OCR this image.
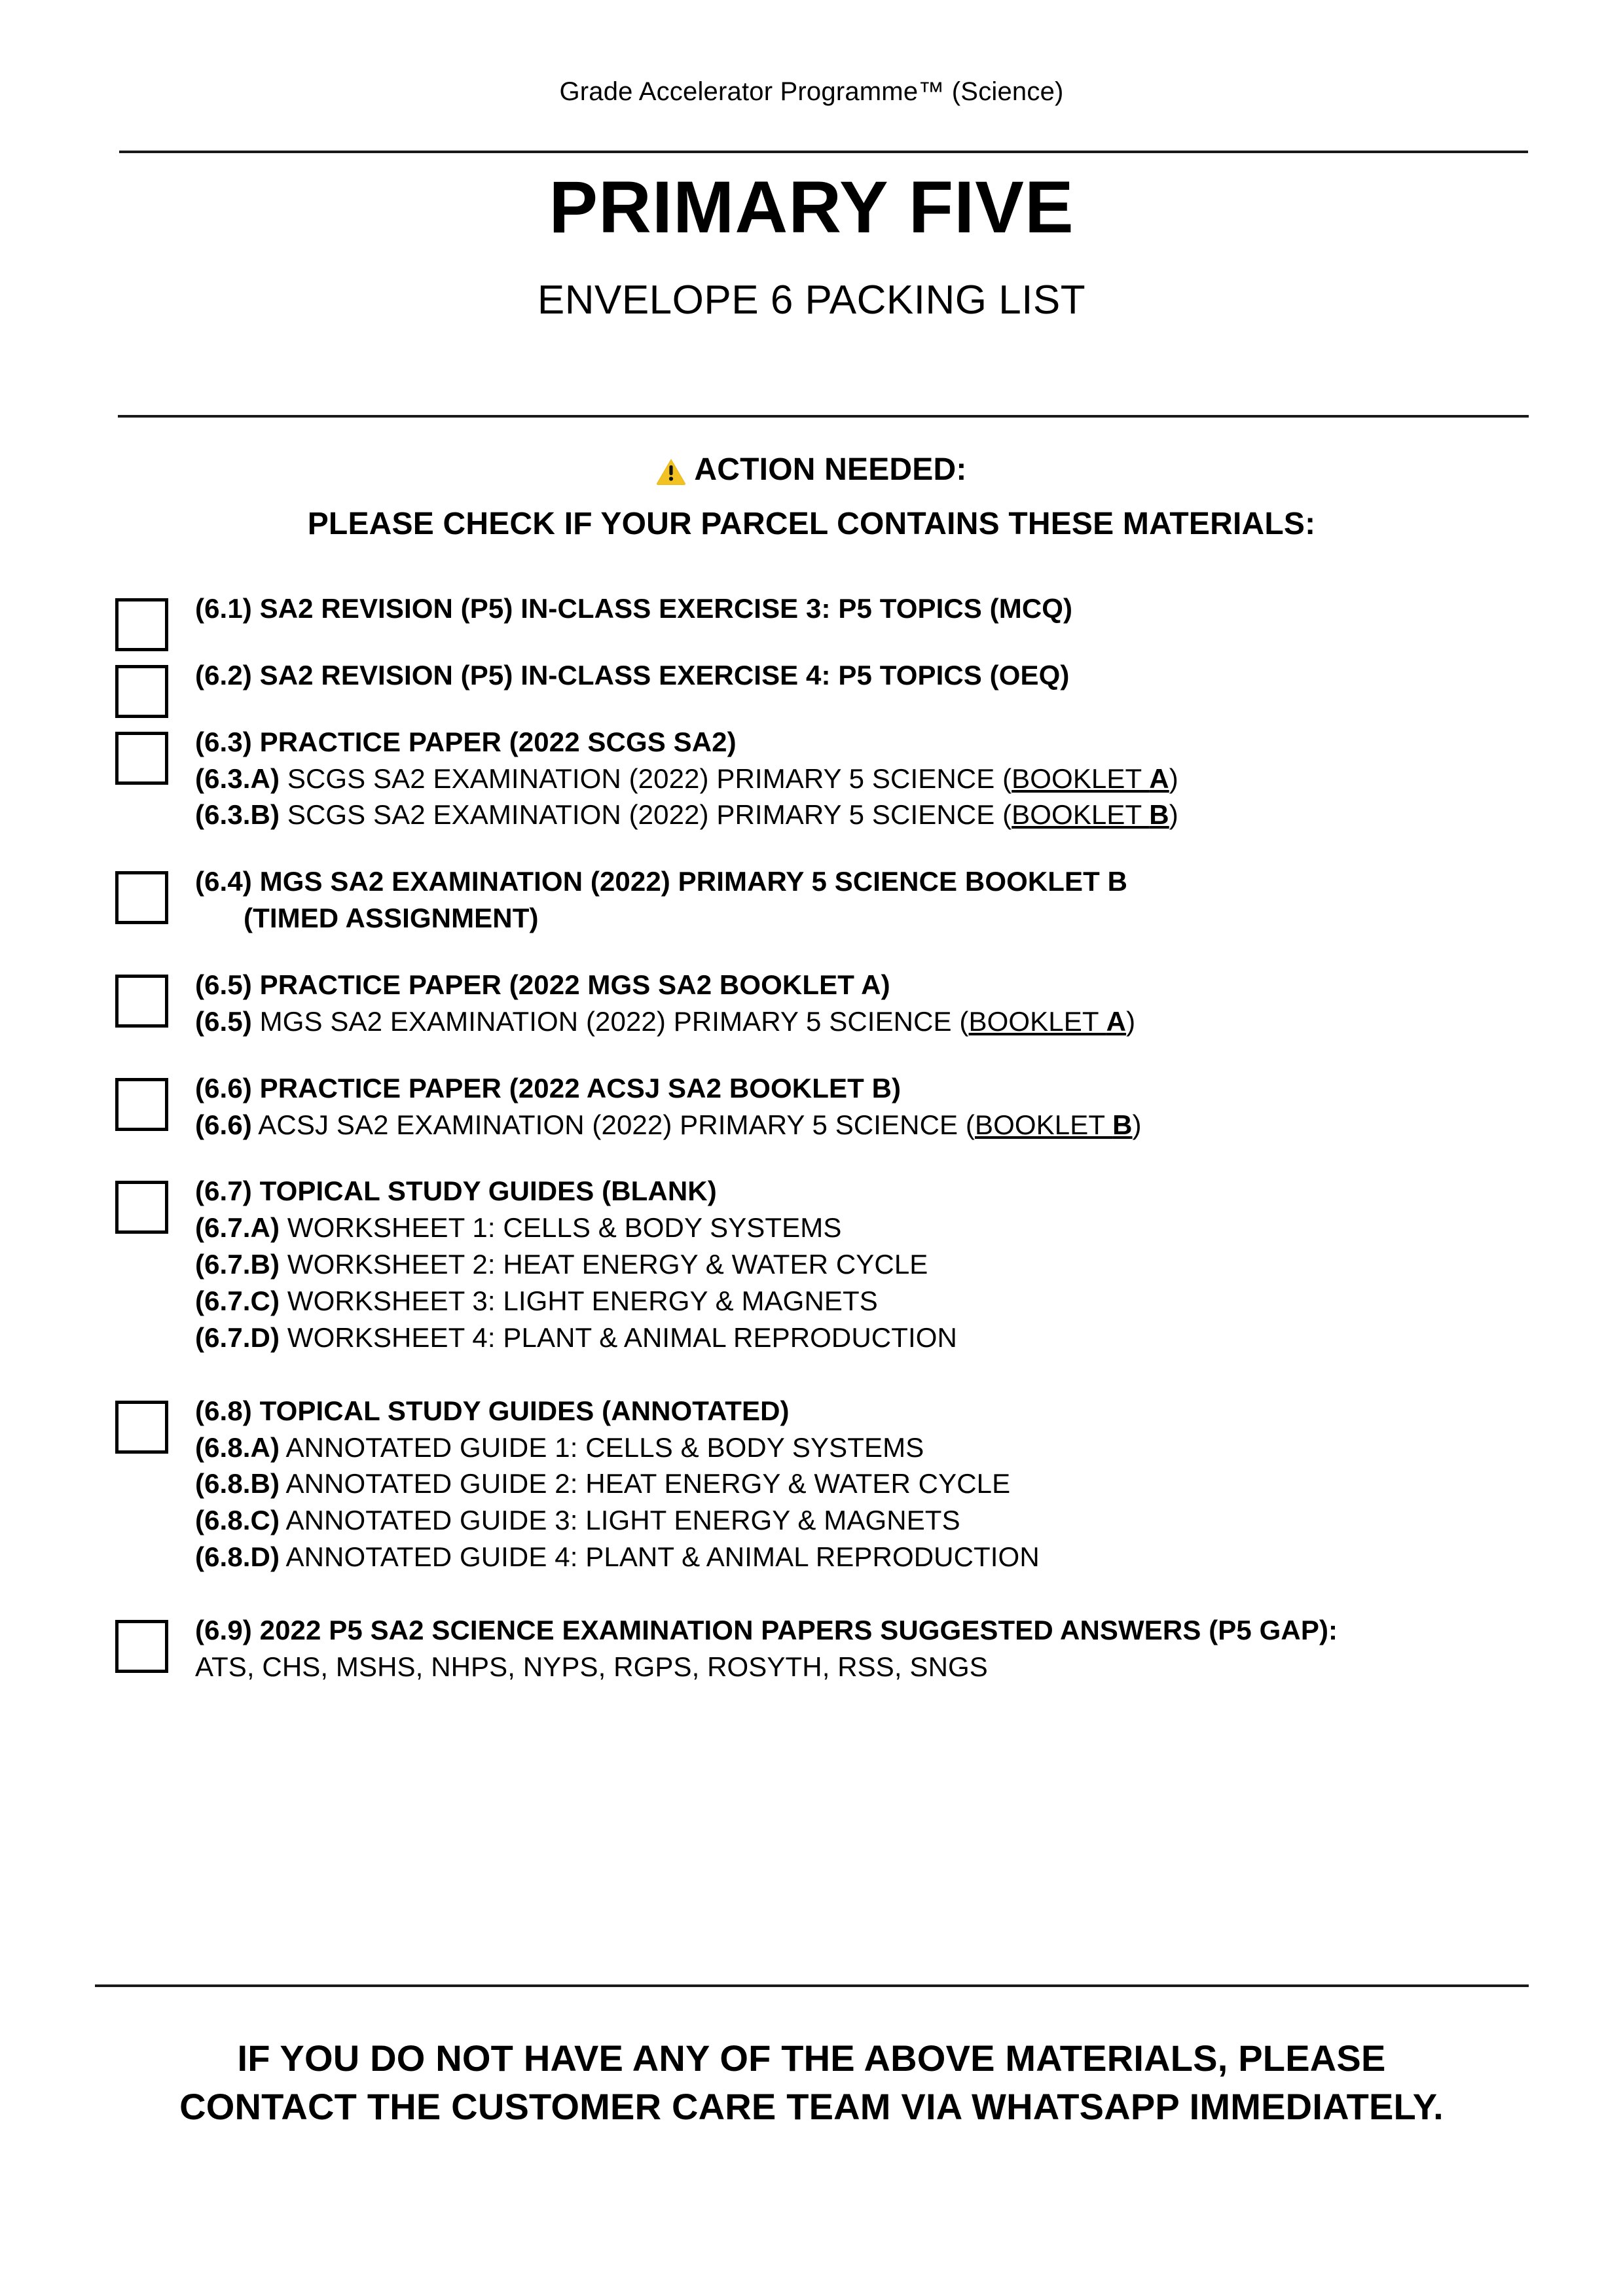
Grade Accelerator Programme™ (Science)
PRIMARY FIVE
ENVELOPE 6 PACKING LIST
ACTION NEEDED:
PLEASE CHECK IF YOUR PARCEL CONTAINS THESE MATERIALS:
(6.1) SA2 REVISION (P5) IN-CLASS EXERCISE 3: P5 TOPICS (MCQ)
(6.2) SA2 REVISION (P5) IN-CLASS EXERCISE 4: P5 TOPICS (OEQ)
(6.3) PRACTICE PAPER (2022 SCGS SA2)
(6.3.A) SCGS SA2 EXAMINATION (2022) PRIMARY 5 SCIENCE (BOOKLET A)
(6.3.B) SCGS SA2 EXAMINATION (2022) PRIMARY 5 SCIENCE (BOOKLET B)
(6.4) MGS SA2 EXAMINATION (2022) PRIMARY 5 SCIENCE BOOKLET B
(TIMED ASSIGNMENT)
(6.5) PRACTICE PAPER (2022 MGS SA2 BOOKLET A)
(6.5) MGS SA2 EXAMINATION (2022) PRIMARY 5 SCIENCE (BOOKLET A)
(6.6) PRACTICE PAPER (2022 ACSJ SA2 BOOKLET B)
(6.6) ACSJ SA2 EXAMINATION (2022) PRIMARY 5 SCIENCE (BOOKLET B)
(6.7) TOPICAL STUDY GUIDES (BLANK)
(6.7.A) WORKSHEET 1: CELLS & BODY SYSTEMS
(6.7.B) WORKSHEET 2: HEAT ENERGY & WATER CYCLE
(6.7.C) WORKSHEET 3: LIGHT ENERGY & MAGNETS
(6.7.D) WORKSHEET 4: PLANT & ANIMAL REPRODUCTION
(6.8) TOPICAL STUDY GUIDES (ANNOTATED)
(6.8.A) ANNOTATED GUIDE 1: CELLS & BODY SYSTEMS
(6.8.B) ANNOTATED GUIDE 2: HEAT ENERGY & WATER CYCLE
(6.8.C) ANNOTATED GUIDE 3: LIGHT ENERGY & MAGNETS
(6.8.D) ANNOTATED GUIDE 4: PLANT & ANIMAL REPRODUCTION
(6.9) 2022 P5 SA2 SCIENCE EXAMINATION PAPERS SUGGESTED ANSWERS (P5 GAP):
ATS, CHS, MSHS, NHPS, NYPS, RGPS, ROSYTH, RSS, SNGS
IF YOU DO NOT HAVE ANY OF THE ABOVE MATERIALS, PLEASE
CONTACT THE CUSTOMER CARE TEAM VIA WHATSAPP IMMEDIATELY.
